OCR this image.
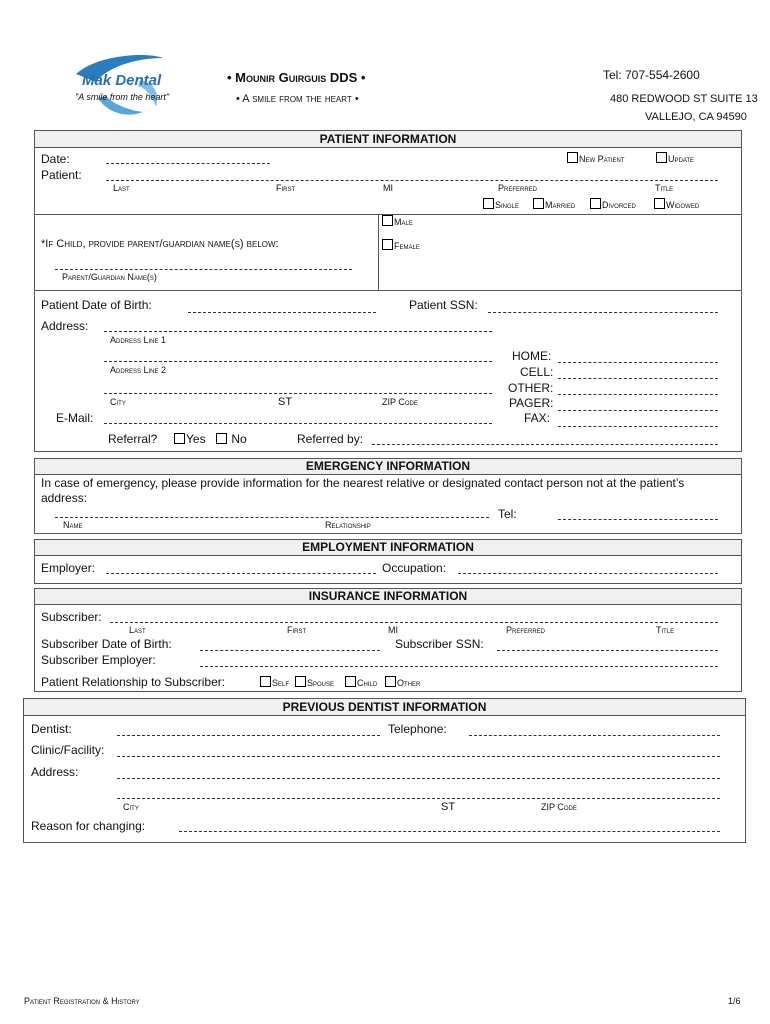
Mak Dental
"A smile from the heart"
• Mounir Guirguis DDS •
• A smile from the heart •
Tel: 707-554-2600
480 REDWOOD ST SUITE 13
VALLEJO, CA 94590
PATIENT INFORMATION
Date:
Patient:
New Patient	Update
Last	First	MI	Preferred	Title
Single	Married	Divorced	Widowed
Male
Female
*If Child, provide parent/guardian name(s) below:
Parent/Guardian Name(s)
Patient Date of Birth:	Patient SSN:
Address:
Address Line 1
Address Line 2
City	ST	ZIP Code
E-Mail:
HOME:
CELL:
OTHER:
PAGER:
FAX:
Referral?	Yes	No	Referred by:
EMERGENCY INFORMATION
In case of emergency, please provide information for the nearest relative or designated contact person not at the patient’s
address:
Tel:
Name	Relationship
EMPLOYMENT INFORMATION
Employer:	Occupation:
INSURANCE INFORMATION
Subscriber:
Last	First	MI	Preferred	Title
Subscriber Date of Birth:	Subscriber SSN:
Subscriber Employer:
Patient Relationship to Subscriber:	Self	Spouse	Child	Other
PREVIOUS DENTIST INFORMATION
Dentist:	Telephone:
Clinic/Facility:
Address:
City	ST	ZIP Code
Reason for changing:
Patient Registration & History	1/6
